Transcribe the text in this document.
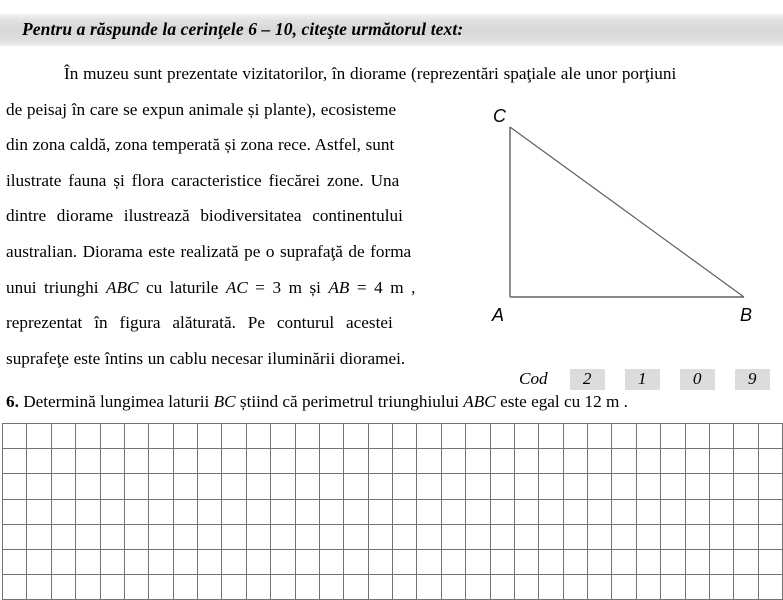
Pentru a răspunde la cerinţele 6 – 10, citeşte următorul text:
În muzeu sunt prezentate vizitatorilor, în diorame (reprezentări spaţiale ale unor porţiuni
de peisaj în care se expun animale și plante), ecosisteme
din zona caldă, zona temperată și zona rece. Astfel, sunt
ilustrate fauna și flora caracteristice fiecărei zone. Una
dintre diorame ilustrează biodiversitatea continentului
australian. Diorama este realizată pe o suprafaţă de forma
unui triunghi ABC cu laturile AC = 3 m și AB = 4 m ,
reprezentat în figura alăturată. Pe conturul acestei
suprafeţe este întins un cablu necesar iluminării dioramei.
C
A	B
Cod	2	1	0	9
6. Determină lungimea laturii BC știind că perimetrul triunghiului ABC este egal cu 12 m .
